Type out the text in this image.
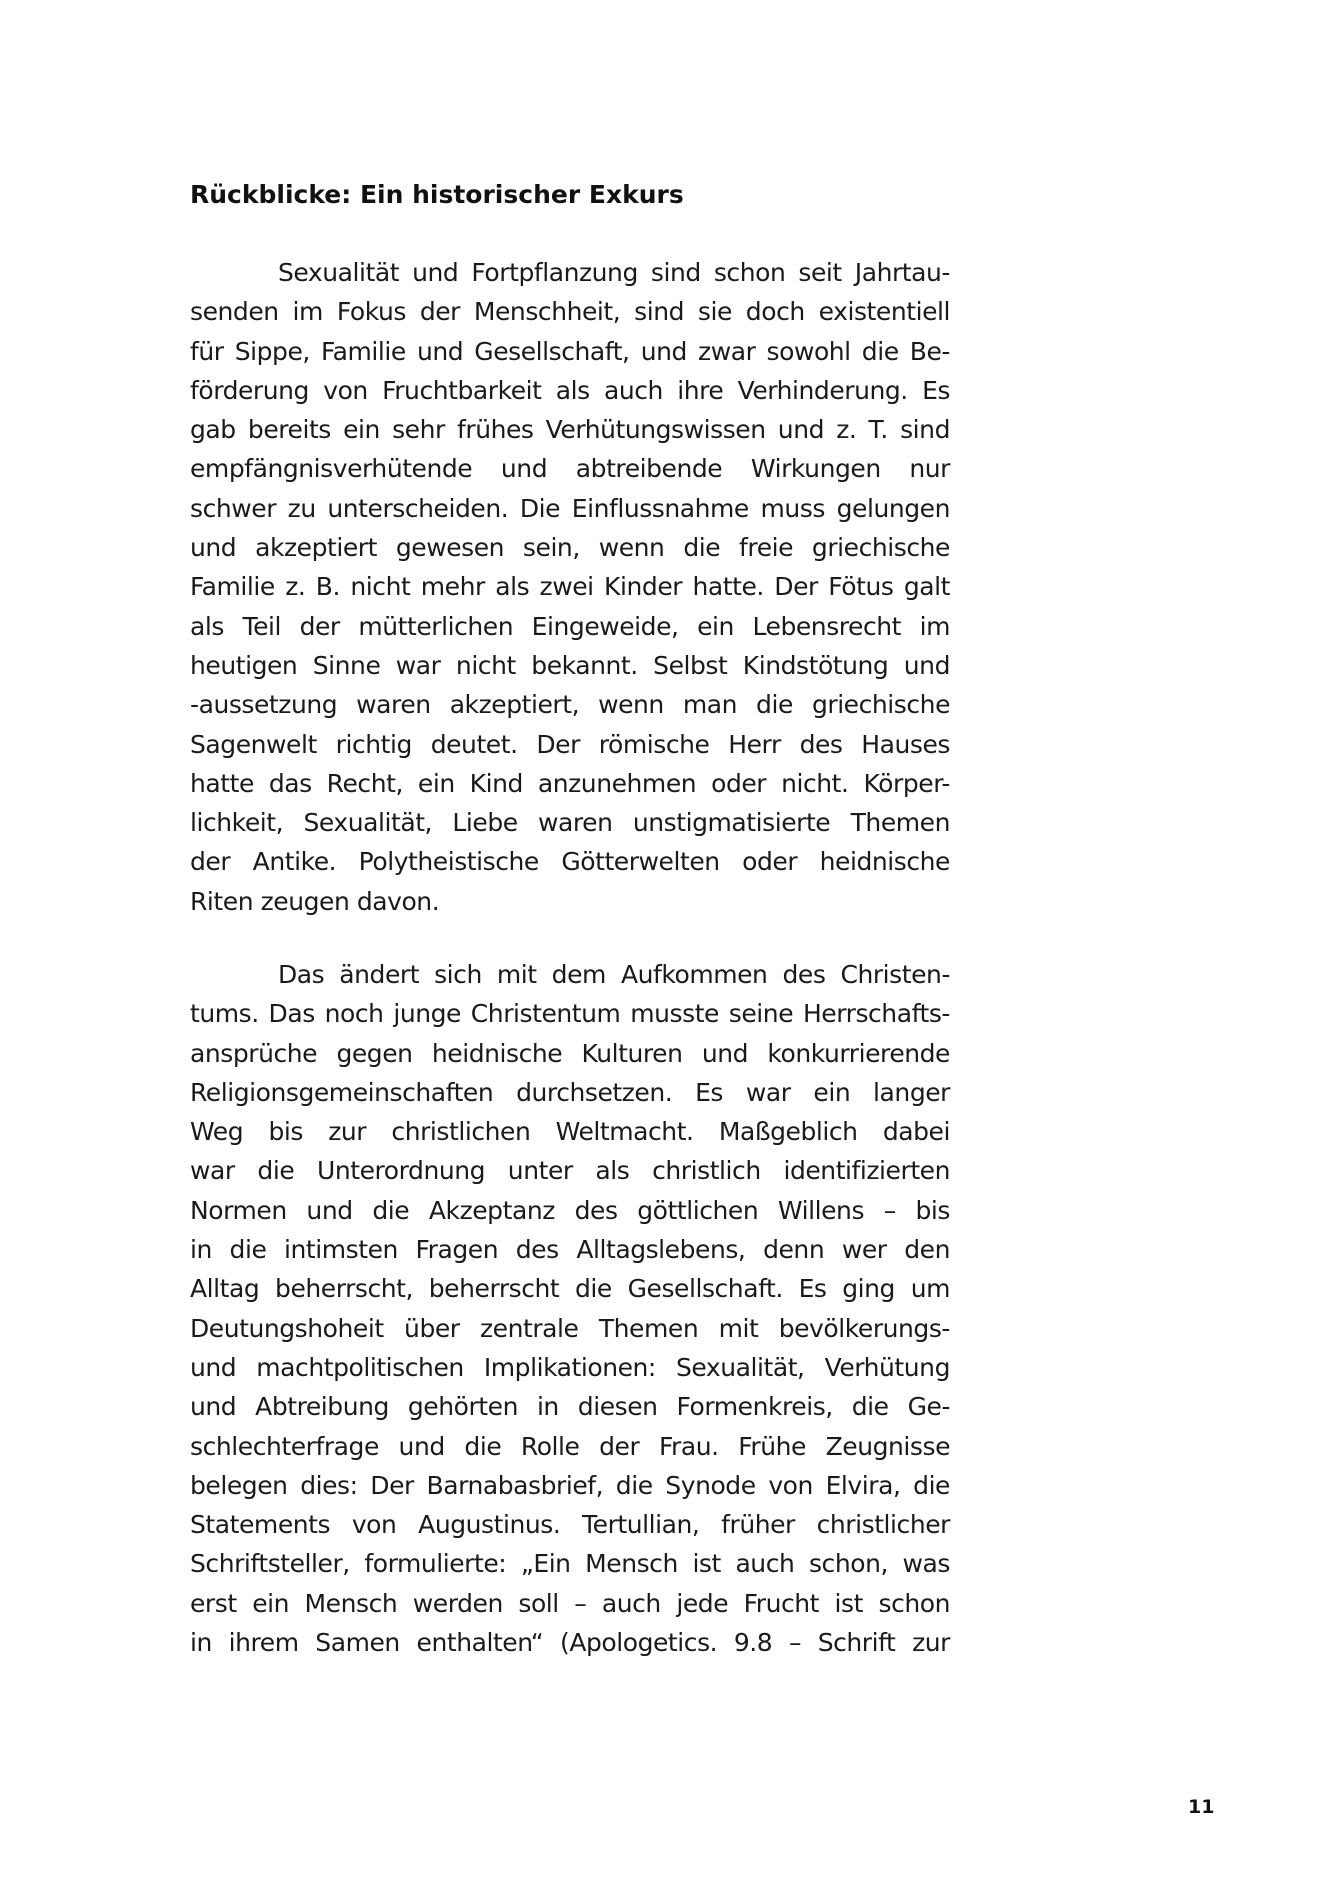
Rückblicke: Ein historischer Exkurs
Sexualität und Fortpflanzung sind schon seit Jahrtau-
senden im Fokus der Menschheit, sind sie doch existentiell
für Sippe, Familie und Gesellschaft, und zwar sowohl die Be-
förderung von Fruchtbarkeit als auch ihre Verhinderung. Es
gab bereits ein sehr frühes Verhütungswissen und z. T. sind
empfängnisverhütende und abtreibende Wirkungen nur
schwer zu unterscheiden. Die Einflussnahme muss gelungen
und akzeptiert gewesen sein, wenn die freie griechische
Familie z. B. nicht mehr als zwei Kinder hatte. Der Fötus galt
als Teil der mütterlichen Eingeweide, ein Lebensrecht im
heutigen Sinne war nicht bekannt. Selbst Kindstötung und
-aussetzung waren akzeptiert, wenn man die griechische
Sagenwelt richtig deutet. Der römische Herr des Hauses
hatte das Recht, ein Kind anzunehmen oder nicht. Körper-
lichkeit, Sexualität, Liebe waren unstigmatisierte Themen
der Antike. Polytheistische Götterwelten oder heidnische
Riten zeugen davon.
Das ändert sich mit dem Aufkommen des Christen-
tums. Das noch junge Christentum musste seine Herrschafts-
ansprüche gegen heidnische Kulturen und konkurrierende
Religionsgemeinschaften durchsetzen. Es war ein langer
Weg bis zur christlichen Weltmacht. Maßgeblich dabei
war die Unterordnung unter als christlich identifizierten
Normen und die Akzeptanz des göttlichen Willens – bis
in die intimsten Fragen des Alltagslebens, denn wer den
Alltag beherrscht, beherrscht die Gesellschaft. Es ging um
Deutungshoheit über zentrale Themen mit bevölkerungs-
und machtpolitischen Implikationen: Sexualität, Verhütung
und Abtreibung gehörten in diesen Formenkreis, die Ge-
schlechterfrage und die Rolle der Frau. Frühe Zeugnisse
belegen dies: Der Barnabasbrief, die Synode von Elvira, die
Statements von Augustinus. Tertullian, früher christlicher
Schriftsteller, formulierte: „Ein Mensch ist auch schon, was
erst ein Mensch werden soll – auch jede Frucht ist schon
in ihrem Samen enthalten“ (Apologetics. 9.8 – Schrift zur
11
